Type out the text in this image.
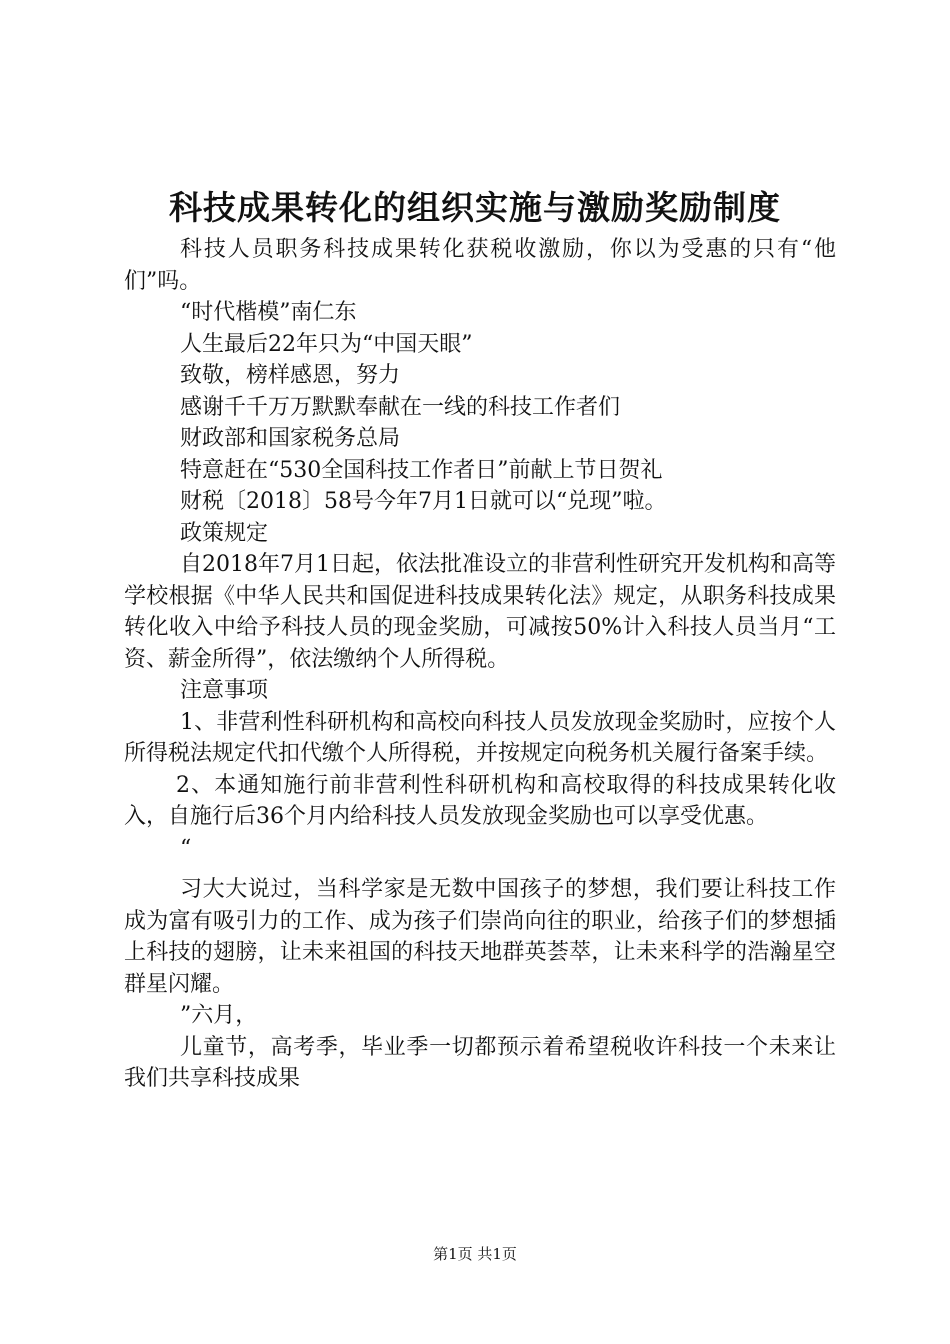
科技成果转化的组织实施与激励奖励制度

科技人员职务科技成果转化获税收激励，你以为受惠的只有“他们”吗。

“时代楷模”南仁东

人生最后22年只为“中国天眼”

致敬，榜样感恩，努力

感谢千千万万默默奉献在一线的科技工作者们

财政部和国家税务总局

特意赶在“530全国科技工作者日”前献上节日贺礼

财税〔2018〕58号今年7月1日就可以“兑现”啦。

政策规定

自2018年7月1日起，依法批准设立的非营利性研究开发机构和高等学校根据《中华人民共和国促进科技成果转化法》规定，从职务科技成果转化收入中给予科技人员的现金奖励，可减按50%计入科技人员当月“工资、薪金所得”，依法缴纳个人所得税。

注意事项

1、非营利性科研机构和高校向科技人员发放现金奖励时，应按个人所得税法规定代扣代缴个人所得税，并按规定向税务机关履行备案手续。

2、本通知施行前非营利性科研机构和高校取得的科技成果转化收入，自施行后36个月内给科技人员发放现金奖励也可以享受优惠。

“

习大大说过，当科学家是无数中国孩子的梦想，我们要让科技工作成为富有吸引力的工作、成为孩子们崇尚向往的职业，给孩子们的梦想插上科技的翅膀，让未来祖国的科技天地群英荟萃，让未来科学的浩瀚星空群星闪耀。

”六月，

儿童节，高考季，毕业季一切都预示着希望税收许科技一个未来让我们共享科技成果

第1页 共1页
